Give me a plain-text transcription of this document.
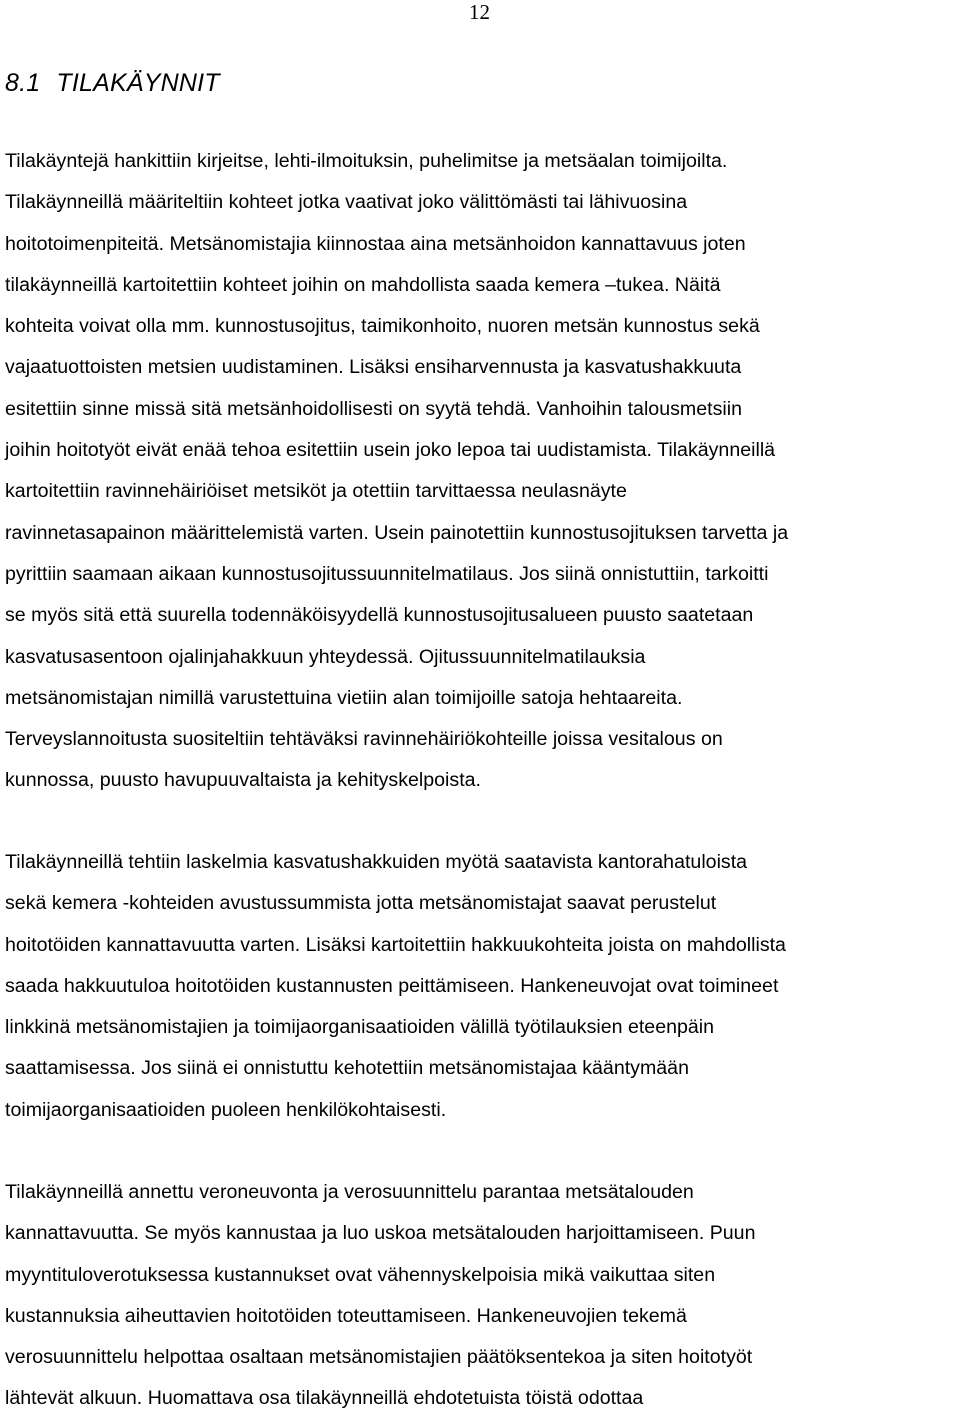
12
8.1 TILAKÄYNNIT

Tilakäyntejä hankittiin kirjeitse, lehti-ilmoituksin, puhelimitse ja metsäalan toimijoilta.
Tilakäynneillä määriteltiin kohteet jotka vaativat joko välittömästi tai lähivuosina
hoitotoimenpiteitä. Metsänomistajia kiinnostaa aina metsänhoidon kannattavuus joten
tilakäynneillä kartoitettiin kohteet joihin on mahdollista saada kemera –tukea. Näitä
kohteita voivat olla mm. kunnostusojitus, taimikonhoito, nuoren metsän kunnostus sekä
vajaatuottoisten metsien uudistaminen. Lisäksi ensiharvennusta ja kasvatushakkuuta
esitettiin sinne missä sitä metsänhoidollisesti on syytä tehdä. Vanhoihin talousmetsiin
joihin hoitotyöt eivät enää tehoa esitettiin usein joko lepoa tai uudistamista. Tilakäynneillä
kartoitettiin ravinnehäiriöiset metsiköt ja otettiin tarvittaessa neulasnäyte
ravinnetasapainon määrittelemistä varten. Usein painotettiin kunnostusojituksen tarvetta ja
pyrittiin saamaan aikaan kunnostusojitussuunnitelmatilaus. Jos siinä onnistuttiin, tarkoitti
se myös sitä että suurella todennäköisyydellä kunnostusojitusalueen puusto saatetaan
kasvatusasentoon ojalinjahakkuun yhteydessä. Ojitussuunnitelmatilauksia
metsänomistajan nimillä varustettuina vietiin alan toimijoille satoja hehtaareita.
Terveyslannoitusta suositeltiin tehtäväksi ravinnehäiriökohteille joissa vesitalous on
kunnossa, puusto havupuuvaltaista ja kehityskelpoista.

Tilakäynneillä tehtiin laskelmia kasvatushakkuiden myötä saatavista kantorahatuloista
sekä kemera -kohteiden avustussummista jotta metsänomistajat saavat perustelut
hoitotöiden kannattavuutta varten. Lisäksi kartoitettiin hakkuukohteita joista on mahdollista
saada hakkuutuloa hoitotöiden kustannusten peittämiseen. Hankeneuvojat ovat toimineet
linkkinä metsänomistajien ja toimijaorganisaatioiden välillä työtilauksien eteenpäin
saattamisessa. Jos siinä ei onnistuttu kehotettiin metsänomistajaa kääntymään
toimijaorganisaatioiden puoleen henkilökohtaisesti.

Tilakäynneillä annettu veroneuvonta ja verosuunnittelu parantaa metsätalouden
kannattavuutta. Se myös kannustaa ja luo uskoa metsätalouden harjoittamiseen. Puun
myyntituloverotuksessa kustannukset ovat vähennyskelpoisia mikä vaikuttaa siten
kustannuksia aiheuttavien hoitotöiden toteuttamiseen. Hankeneuvojien tekemä
verosuunnittelu helpottaa osaltaan metsänomistajien päätöksentekoa ja siten hoitotyöt
lähtevät alkuun. Huomattava osa tilakäynneillä ehdotetuista töistä odottaa
